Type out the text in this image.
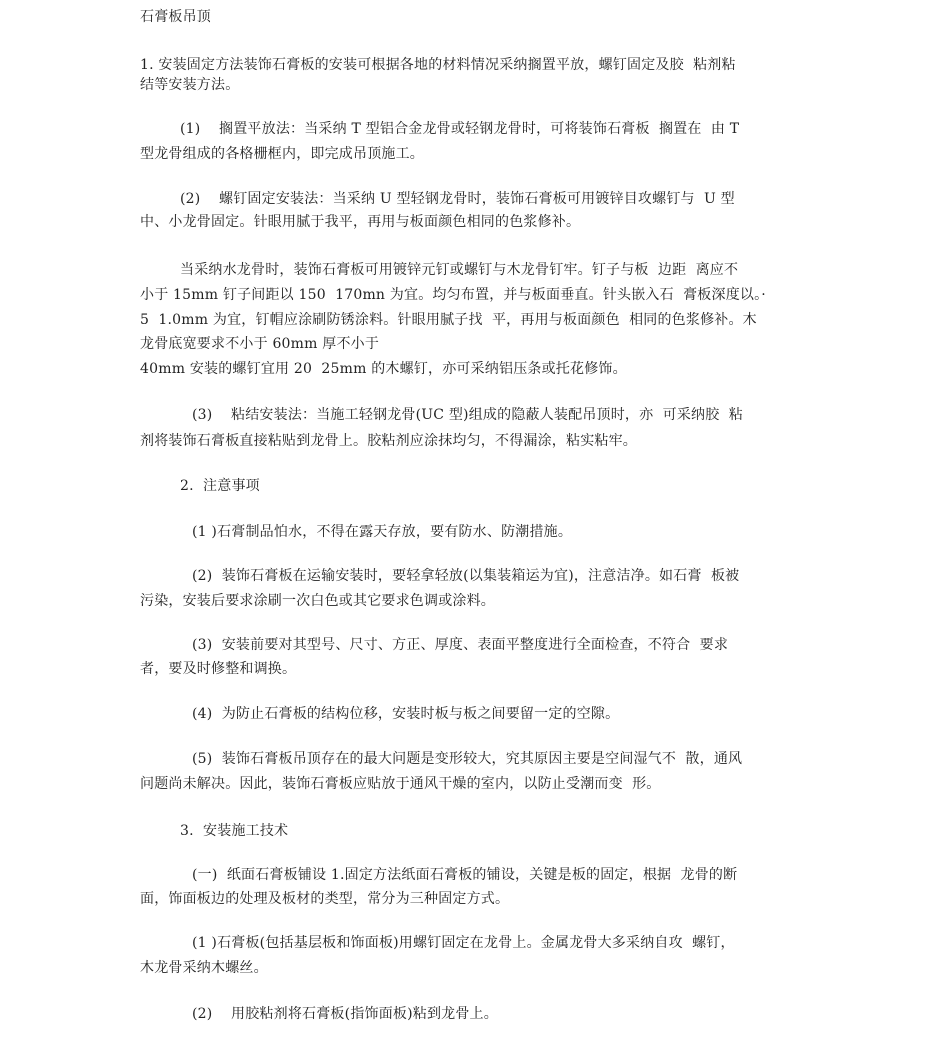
石膏板吊顶
1. 安装固定方法装饰石膏板的安装可根据各地的材料情况采纳搁置平放，螺钉固定及胶  粘剂粘
结等安装方法。
(1)    搁置平放法：当采纳 T 型铝合金龙骨或轻钢龙骨时，可将装饰石膏板  搁置在  由 T
型龙骨组成的各格栅框内，即完成吊顶施工。
(2)    螺钉固定安装法：当采纳 U 型轻钢龙骨时，装饰石膏板可用镀锌目攻螺钉与  U 型
中、小龙骨固定。针眼用腻于我平，再用与板面颜色相同的色浆修补。
当采纳水龙骨时，装饰石膏板可用镀锌元钉或螺钉与木龙骨钉牢。钉子与板  边距  离应不
小于 15mm 钉子间距以 150  170mn 为宜。均匀布置，并与板面垂直。针头嵌入石  膏板深度以。·
5  1.0mm 为宜，钉帽应涂刷防锈涂料。针眼用腻子找  平，再用与板面颜色  相同的色浆修补。木
龙骨底宽要求不小于 60mm 厚不小于
40mm 安装的螺钉宜用 20  25mm 的木螺钉，亦可采纳铝压条或托花修饰。
(3)    粘结安装法：当施工轻钢龙骨(UC 型)组成的隐蔽人装配吊顶时，亦  可采纳胶  粘
剂将装饰石膏板直接粘贴到龙骨上。胶粘剂应涂抹均匀，不得漏涂，粘实粘牢。
2.  注意事项
(1 )石膏制品怕水，不得在露天存放，要有防水、防潮措施。
(2)  装饰石膏板在运输安装时，要轻拿轻放(以集装箱运为宜)，注意洁净。如石膏  板被
污染，安装后要求涂刷一次白色或其它要求色调或涂料。
(3)  安装前要对其型号、尺寸、方正、厚度、表面平整度进行全面检查，不符合  要求
者，要及时修整和调换。
(4)  为防止石膏板的结构位移，安装时板与板之间要留一定的空隙。
(5)  装饰石膏板吊顶存在的最大问题是变形较大，究其原因主要是空间湿气不  散，通风
问题尚未解决。因此，装饰石膏板应贴放于通风干燥的室内，以防止受潮而变  形。
3.  安装施工技术
(一)  纸面石膏板铺设 1.固定方法纸面石膏板的铺设，关键是板的固定，根据  龙骨的断
面，饰面板边的处理及板材的类型，常分为三种固定方式。
(1 )石膏板(包括基层板和饰面板)用螺钉固定在龙骨上。金属龙骨大多采纳自攻  螺钉，
木龙骨采纳木螺丝。
(2)    用胶粘剂将石膏板(指饰面板)粘到龙骨上。
